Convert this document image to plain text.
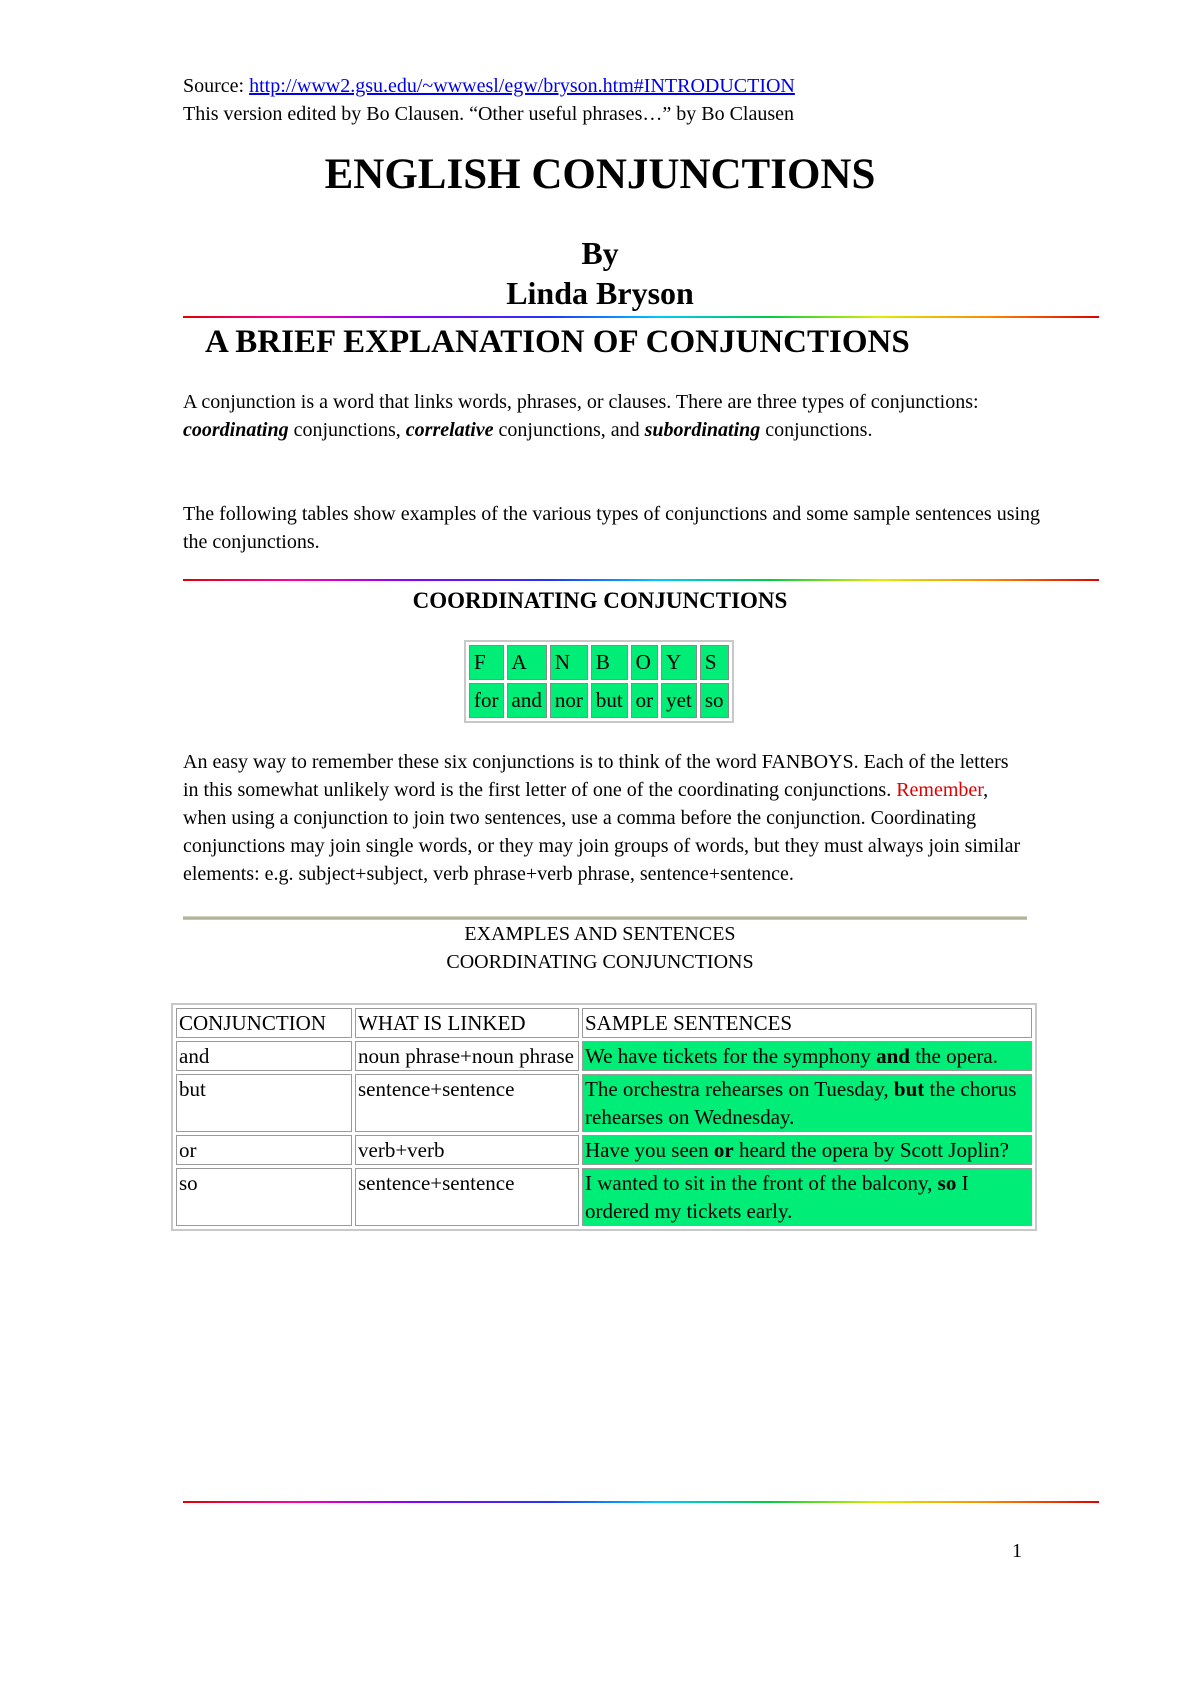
Source: http://www2.gsu.edu/~wwwesl/egw/bryson.htm#INTRODUCTION
This version edited by Bo Clausen. “Other useful phrases…” by Bo Clausen
ENGLISH CONJUNCTIONS
By
Linda Bryson
A BRIEF EXPLANATION OF CONJUNCTIONS
A conjunction is a word that links words, phrases, or clauses. There are three types of conjunctions: coordinating conjunctions, correlative conjunctions, and subordinating conjunctions.
The following tables show examples of the various types of conjunctions and some sample sentences using the conjunctions.
COORDINATING CONJUNCTIONS
F	A	N	B	O	Y	S
for	and	nor	but	or	yet	so
An easy way to remember these six conjunctions is to think of the word FANBOYS. Each of the letters in this somewhat unlikely word is the first letter of one of the coordinating conjunctions. Remember, when using a conjunction to join two sentences, use a comma before the conjunction. Coordinating conjunctions may join single words, or they may join groups of words, but they must always join similar elements: e.g. subject+subject, verb phrase+verb phrase, sentence+sentence.
EXAMPLES AND SENTENCES
COORDINATING CONJUNCTIONS
CONJUNCTION	WHAT IS LINKED	SAMPLE SENTENCES
and	noun phrase+noun phrase	We have tickets for the symphony and the opera.
but	sentence+sentence	The orchestra rehearses on Tuesday, but the chorus rehearses on Wednesday.
or	verb+verb	Have you seen or heard the opera by Scott Joplin?
so	sentence+sentence	I wanted to sit in the front of the balcony, so I ordered my tickets early.
1
